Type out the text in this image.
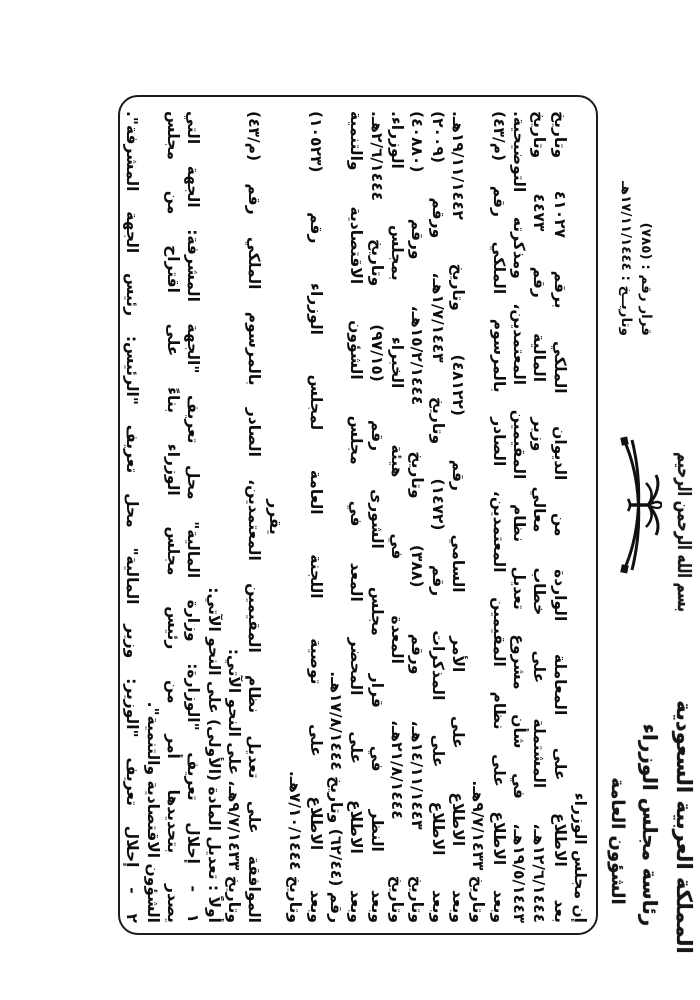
بسم الله الرحمن الرحيم
المملكة العربية السعودية
رئاسة مجلس الوزراء
الشؤون العامة
قرار رقم : (٧٨٥)
وتاريــخ : ١٧/١١/١٤٤٤هـ
إن مجلس الوزراء
بعد الاطلاع على المعاملة الواردة من الديوان الملكي برقم ٤١٠٢٧ وتاريخ
١٢/٦/١٤٤٤هـ، المشتملة على خطاب معالي وزير المالية رقم ٤٤٧٣ وتاريخ
١٩/٥/١٤٤٣هـ، في شأن مشروع تعديل نظام المقيمين المعتمدين، ومذكرته التوضيحية.
وبعد الاطلاع على نظام المقيمين المعتمدين، الصادر بالمرسوم الملكي رقم (م/٤٣)
وتاريخ ٩/٧/١٤٣٣هـ.
وبعد الاطلاع على الأمر السامي رقم (٤٨١٢٢) وتاريخ ١٩/١١/١٤٤٢هـ.
وبعد الاطلاع على المذكرات رقم (١٤٧٢) وتاريخ ١/٧/١٤٤٣هـ، ورقم (٢٠٠٩)
وتاريخ ١٤/١١/١٤٤٣هـ، ورقم (٣٨٨) وتاريخ ١٥/٢/١٤٤٤هـ، ورقم (٤٠٨٨٠)
وتاريخ ٢١/٨/١٤٤٤هـ، المعدة في هيئة الخبراء بمجلس الوزراء.
وبعد النظر في قرار مجلس الشورى رقم (٩٧/١٥) وتاريخ ٢/٦/١٤٤٤هـ.
وبعد الاطلاع على المحضر المعد في مجلس الشؤون الاقتصادية والتنمية
رقم (٦٢/٤٤) وتاريخ ١٧/٨/١٤٤٤هـ.
وبعد الاطلاع على توصية اللجنة العامة لمجلس الوزراء رقم (١٠٥٢٣)
وتاريخ ٧/١٠/١٤٤٤هـ.
يقرر
الموافقة على تعديل نظام المقيمين المعتمدين، الصادر بالمرسوم الملكي رقم (م/٤٣)
وتاريخ ٩/٧/١٤٣٣هـ، على النحو الآتي:
أولاً : تعديل المادة (الأولى) على النحو الآتي:
١ - إحلال تعريف "الوزارة: وزارة المالية" محل تعريف "الجهة المشرفة: الجهة التي
يصدر بتحديدها أمر من رئيس مجلس الوزراء بناءً على اقتراح من مجلس
الشؤون الاقتصادية والتنمية".
٢ - إحلال تعريف "الوزير: وزير المالية" محل تعريف "الرئيس: رئيس الجهة المشرفة".
